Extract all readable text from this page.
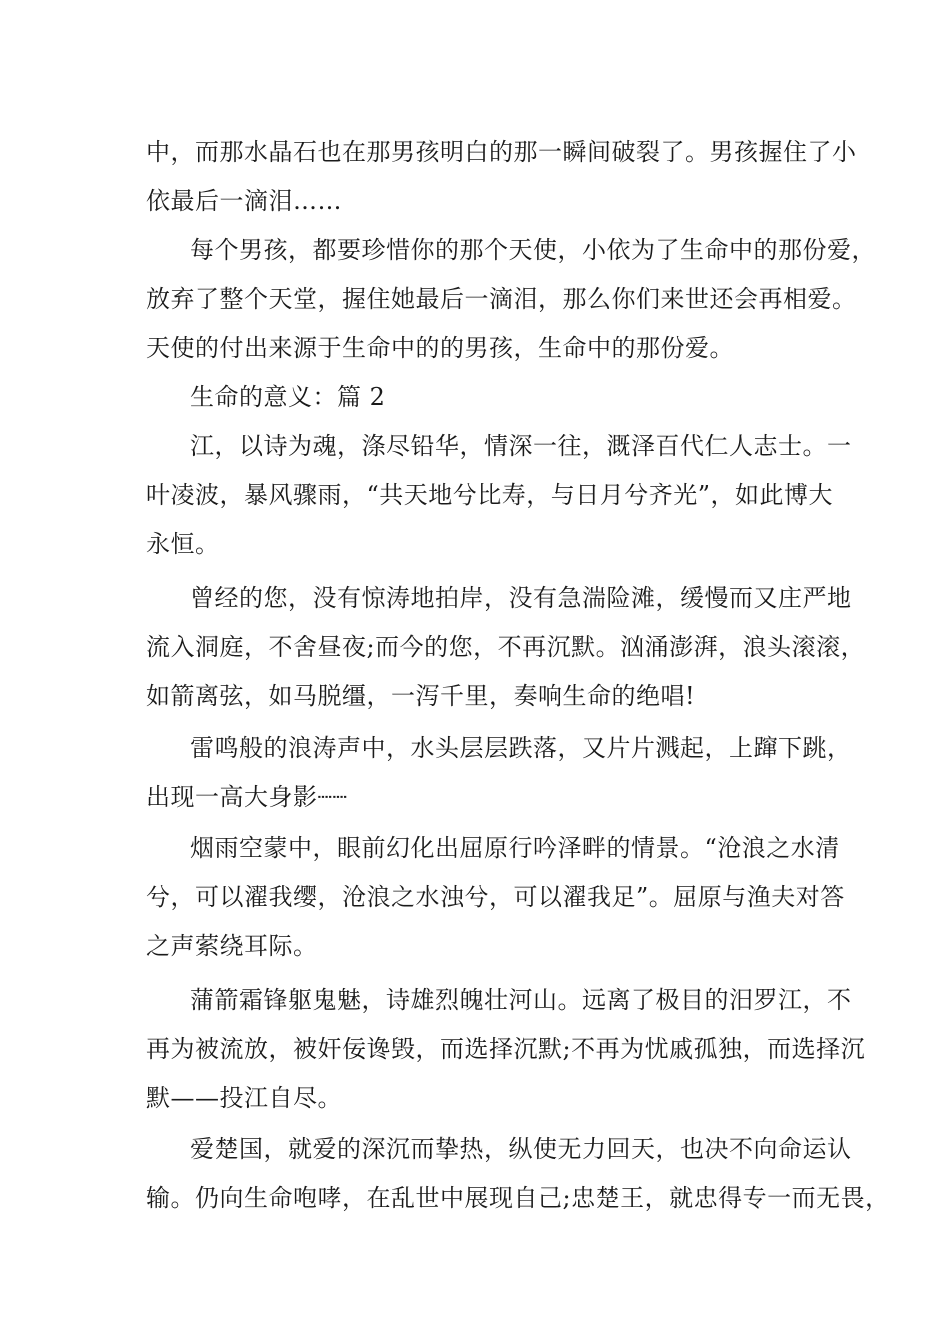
中，而那水晶石也在那男孩明白的那一瞬间破裂了。男孩握住了小
依最后一滴泪……
每个男孩，都要珍惜你的那个天使，小依为了生命中的那份爱，
放弃了整个天堂，握住她最后一滴泪，那么你们来世还会再相爱。
天使的付出来源于生命中的的男孩，生命中的那份爱。
生命的意义：篇 2
江，以诗为魂，涤尽铅华，情深一往，溉泽百代仁人志士。一
叶凌波，暴风骤雨，“共天地兮比寿，与日月兮齐光”，如此博大
永恒。
曾经的您，没有惊涛地拍岸，没有急湍险滩，缓慢而又庄严地
流入洞庭，不舍昼夜;而今的您，不再沉默。汹涌澎湃，浪头滚滚，
如箭离弦，如马脱缰，一泻千里，奏响生命的绝唱!
雷鸣般的浪涛声中，水头层层跌落，又片片溅起，上蹿下跳，
出现一高大身影┈┈
烟雨空蒙中，眼前幻化出屈原行吟泽畔的情景。“沧浪之水清
兮，可以濯我缨，沧浪之水浊兮，可以濯我足”。屈原与渔夫对答
之声萦绕耳际。
蒲箭霜锋躯鬼魅，诗雄烈魄壮河山。远离了极目的汨罗江，不
再为被流放，被奸佞谗毁，而选择沉默;不再为忧戚孤独，而选择沉
默——投江自尽。
爱楚国，就爱的深沉而挚热，纵使无力回天，也决不向命运认
输。仍向生命咆哮，在乱世中展现自己;忠楚王，就忠得专一而无畏，
